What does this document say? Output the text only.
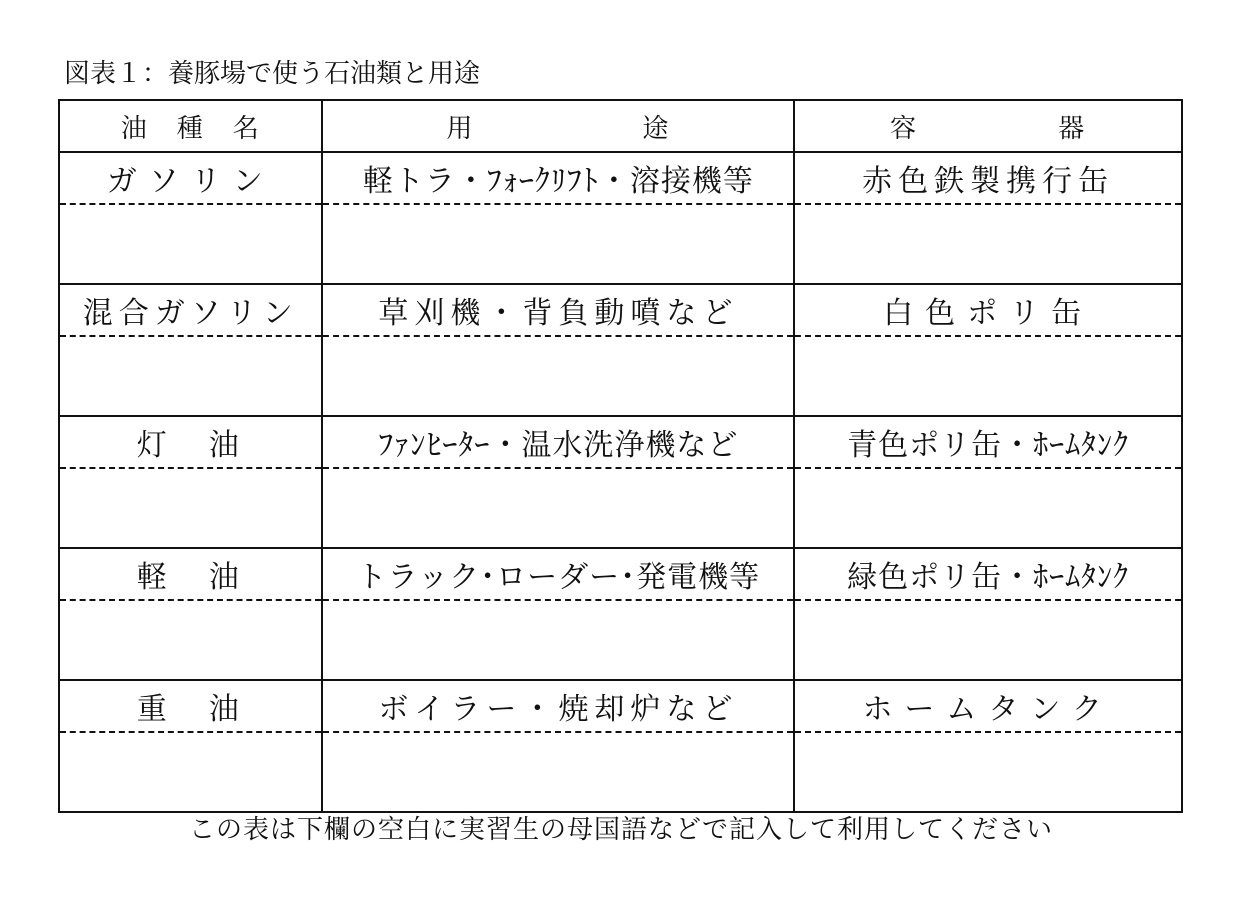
図表１：養豚場で使う石油類と用途
油　種　名	用　　　　　　途	容　　　　　器
ガソリン	軽トラ・ﾌｫｰｸﾘﾌﾄ・溶接機等	赤色鉄製携行缶

混合ガソリン	草刈機・背負動噴など	白色ポリ缶

灯　油	ﾌｧﾝﾋｰﾀｰ・温水洗浄機など	青色ポリ缶・ﾎｰﾑﾀﾝｸ

軽　油	トラック･ローダー･発電機等	緑色ポリ缶・ﾎｰﾑﾀﾝｸ

重　油	ボイラー・焼却炉など	ホームタンク

この表は下欄の空白に実習生の母国語などで記入して利用してください
